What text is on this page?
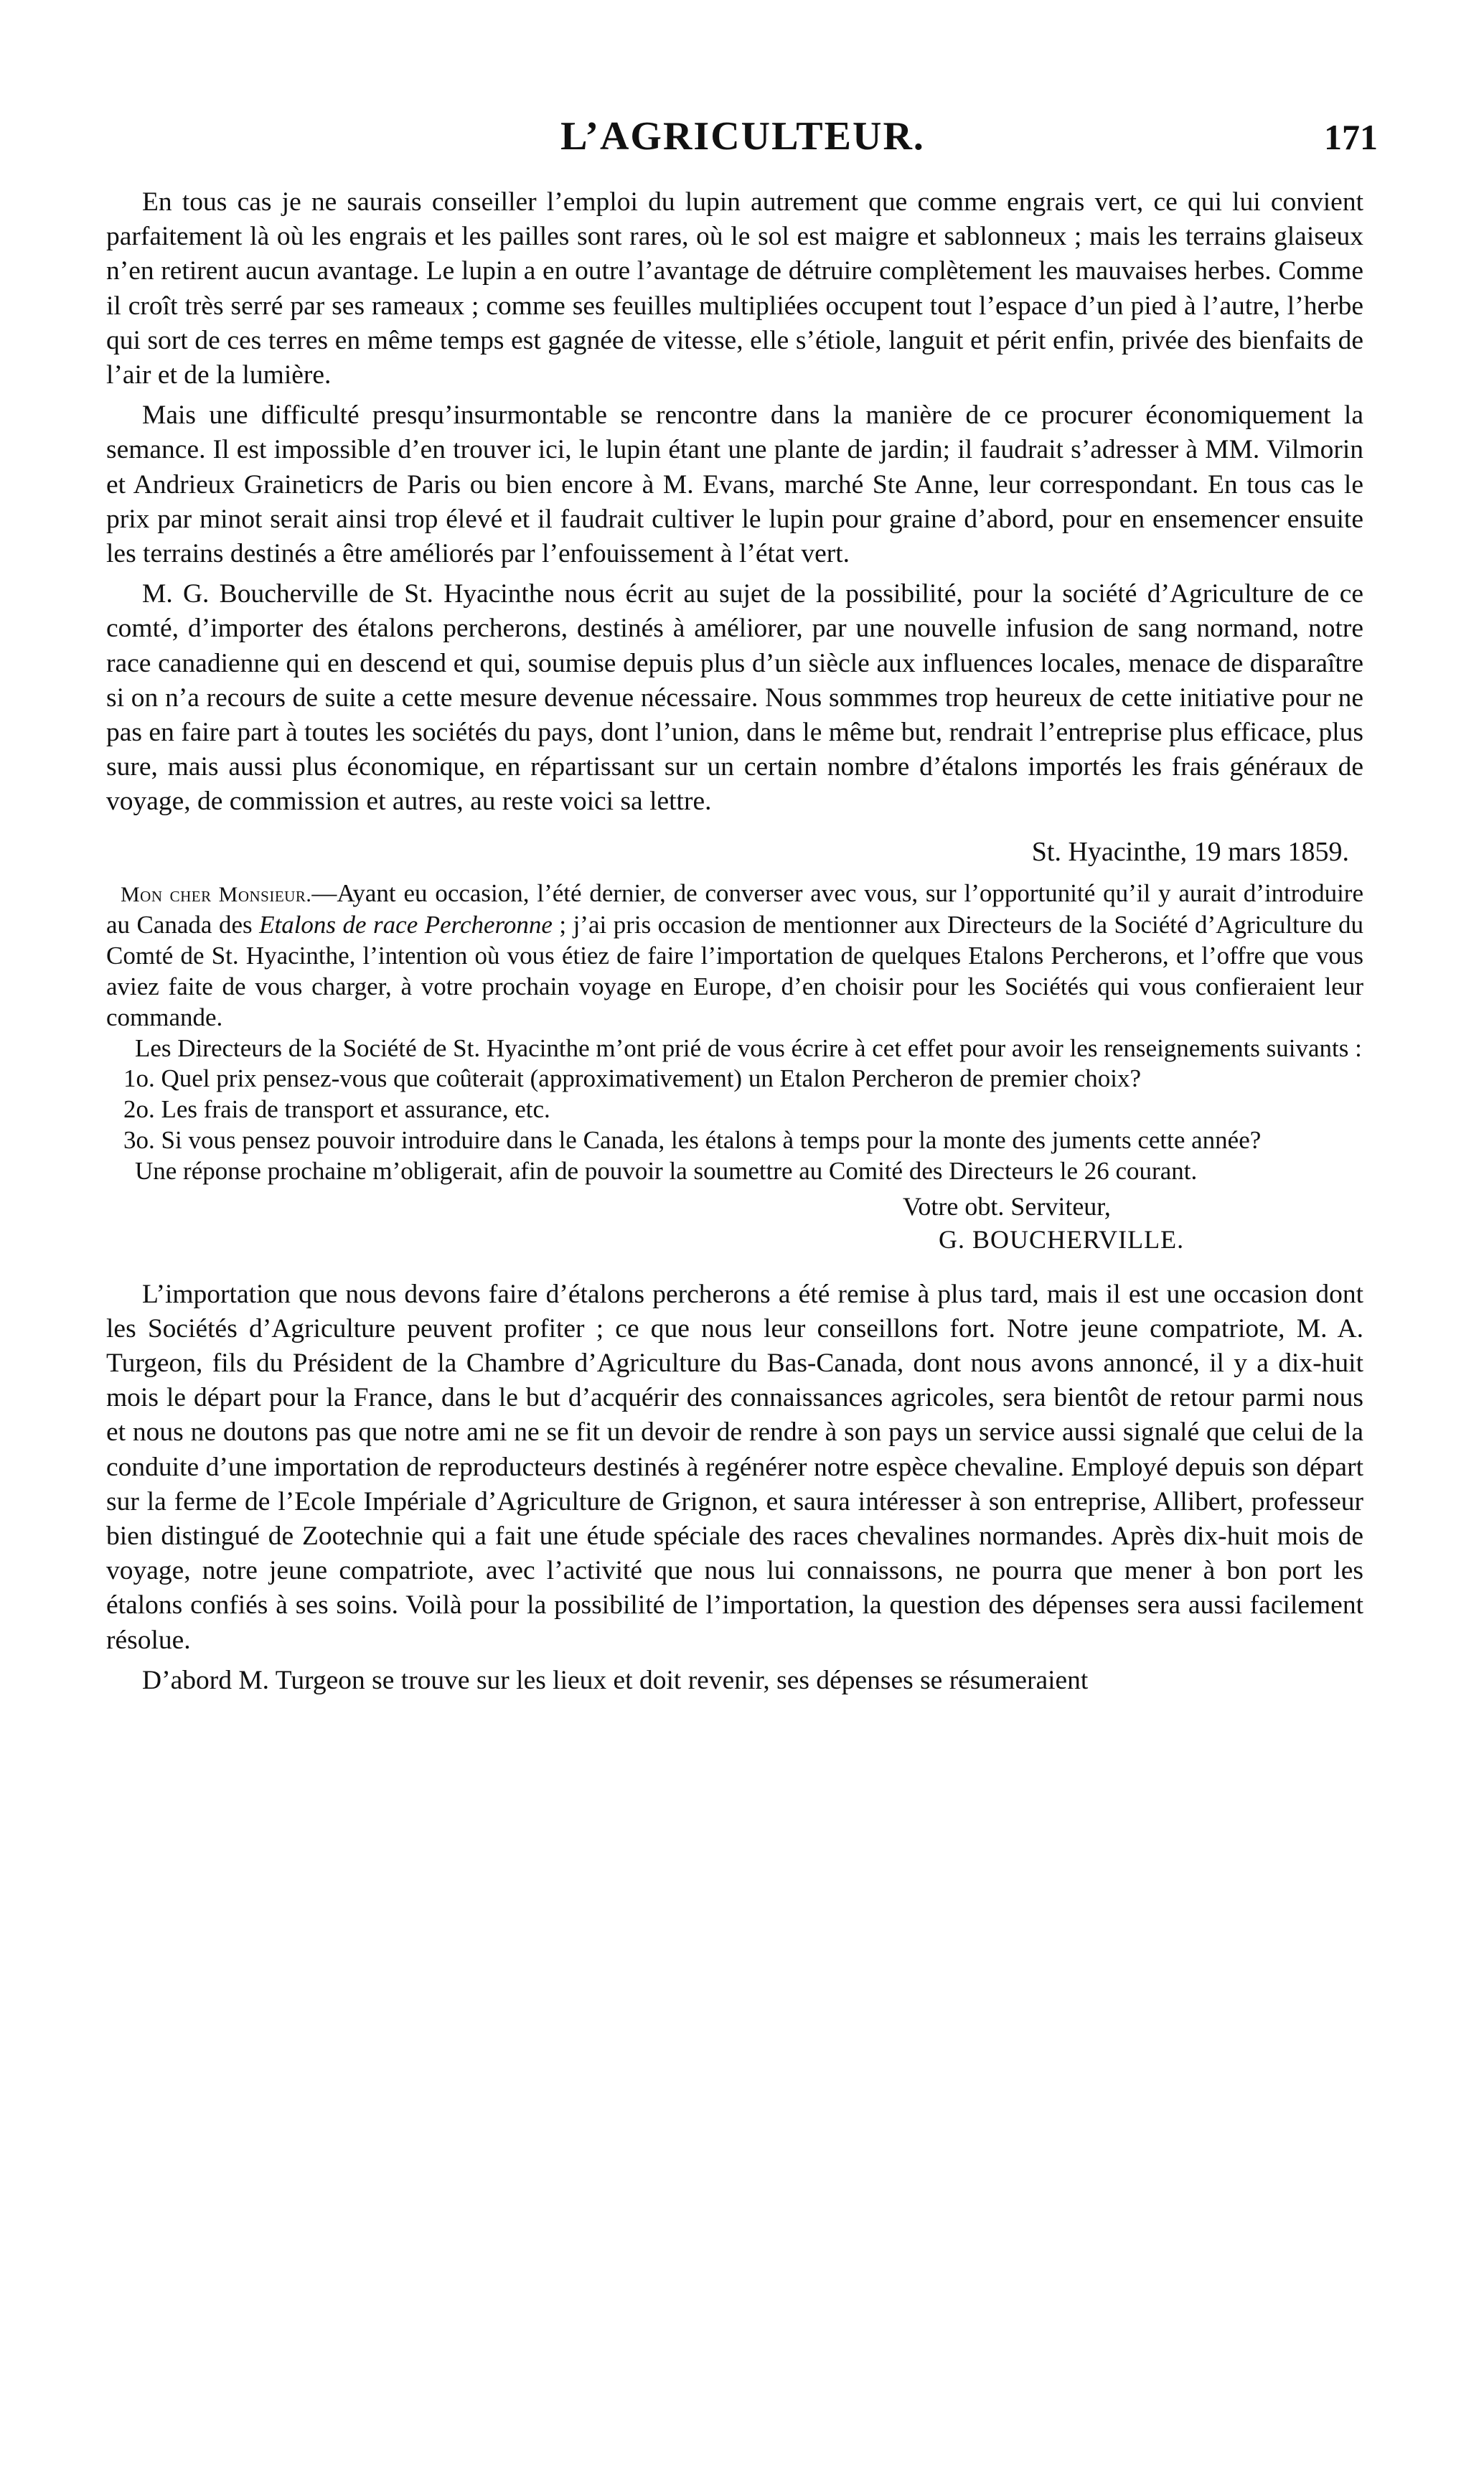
L’AGRICULTEUR.	171

En tous cas je ne saurais conseiller l’emploi du lupin autrement que comme engrais vert, ce qui lui convient parfaitement là où les engrais et les pailles sont rares, où le sol est maigre et sablonneux ; mais les terrains glaiseux n’en retirent aucun avantage. Le lupin a en outre l’avantage de détruire complètement les mauvaises herbes. Comme il croît très serré par ses rameaux ; comme ses feuilles multipliées occupent tout l’espace d’un pied à l’autre, l’herbe qui sort de ces terres en même temps est gagnée de vitesse, elle s’étiole, languit et périt enfin, privée des bienfaits de l’air et de la lumière.

Mais une difficulté presqu’insurmontable se rencontre dans la manière de ce procurer économiquement la semance. Il est impossible d’en trouver ici, le lupin étant une plante de jardin; il faudrait s’adresser à MM. Vilmorin et Andrieux Graineticrs de Paris ou bien encore à M. Evans, marché Ste Anne, leur correspondant. En tous cas le prix par minot serait ainsi trop élevé et il faudrait cultiver le lupin pour graine d’abord, pour en ensemencer ensuite les terrains destinés a être améliorés par l’enfouissement à l’état vert.

M. G. Boucherville de St. Hyacinthe nous écrit au sujet de la possibilité, pour la société d’Agriculture de ce comté, d’importer des étalons percherons, destinés à améliorer, par une nouvelle infusion de sang normand, notre race canadienne qui en descend et qui, soumise depuis plus d’un siècle aux influences locales, menace de disparaître si on n’a recours de suite a cette mesure devenue nécessaire. Nous sommmes trop heureux de cette initiative pour ne pas en faire part à toutes les sociétés du pays, dont l’union, dans le même but, rendrait l’entreprise plus efficace, plus sure, mais aussi plus économique, en répartissant sur un certain nombre d’étalons importés les frais généraux de voyage, de commission et autres, au reste voici sa lettre.

St. Hyacinthe, 19 mars 1859.

Mon cher Monsieur.—Ayant eu occasion, l’été dernier, de converser avec vous, sur l’opportunité qu’il y aurait d’introduire au Canada des Etalons de race Percheronne ; j’ai pris occasion de mentionner aux Directeurs de la Société d’Agriculture du Comté de St. Hyacinthe, l’intention où vous étiez de faire l’importation de quelques Etalons Percherons, et l’offre que vous aviez faite de vous charger, à votre prochain voyage en Europe, d’en choisir pour les Sociétés qui vous confieraient leur commande.

Les Directeurs de la Société de St. Hyacinthe m’ont prié de vous écrire à cet effet pour avoir les renseignements suivants :

1o. Quel prix pensez-vous que coûterait (approximativement) un Etalon Percheron de premier choix?

2o. Les frais de transport et assurance, etc.

3o. Si vous pensez pouvoir introduire dans le Canada, les étalons à temps pour la monte des juments cette année?

Une réponse prochaine m’obligerait, afin de pouvoir la soumettre au Comité des Directeurs le 26 courant.

Votre obt. Serviteur,
G. BOUCHERVILLE.

L’importation que nous devons faire d’étalons percherons a été remise à plus tard, mais il est une occasion dont les Sociétés d’Agriculture peuvent profiter ; ce que nous leur conseillons fort. Notre jeune compatriote, M. A. Turgeon, fils du Président de la Chambre d’Agriculture du Bas-Canada, dont nous avons annoncé, il y a dix-huit mois le départ pour la France, dans le but d’acquérir des connaissances agricoles, sera bientôt de retour parmi nous et nous ne doutons pas que notre ami ne se fit un devoir de rendre à son pays un service aussi signalé que celui de la conduite d’une importation de reproducteurs destinés à regénérer notre espèce chevaline. Employé depuis son départ sur la ferme de l’Ecole Impériale d’Agriculture de Grignon, et saura intéresser à son entreprise, Allibert, professeur bien distingué de Zootechnie qui a fait une étude spéciale des races chevalines normandes. Après dix-huit mois de voyage, notre jeune compatriote, avec l’activité que nous lui connaissons, ne pourra que mener à bon port les étalons confiés à ses soins. Voilà pour la possibilité de l’importation, la question des dépenses sera aussi facilement résolue.

D’abord M. Turgeon se trouve sur les lieux et doit revenir, ses dépenses se résumeraient
